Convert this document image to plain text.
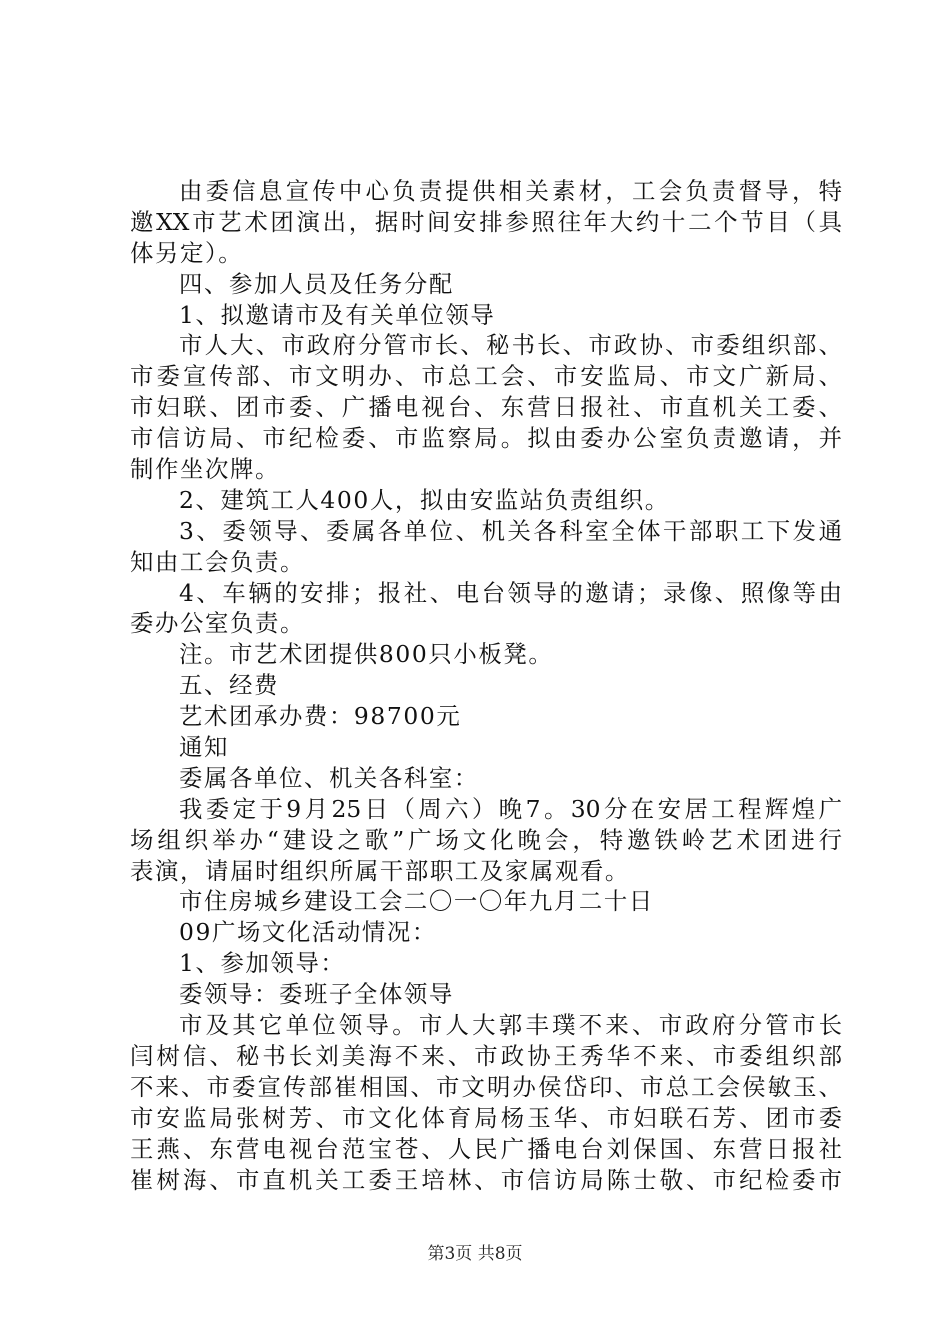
由委信息宣传中心负责提供相关素材，工会负责督导，特
邀XX市艺术团演出，据时间安排参照往年大约十二个节目（具
体另定）。
四、参加人员及任务分配
1、拟邀请市及有关单位领导
市人大、市政府分管市长、秘书长、市政协、市委组织部、
市委宣传部、市文明办、市总工会、市安监局、市文广新局、
市妇联、团市委、广播电视台、东营日报社、市直机关工委、
市信访局、市纪检委、市监察局。拟由委办公室负责邀请，并
制作坐次牌。
2、建筑工人400人，拟由安监站负责组织。
3、委领导、委属各单位、机关各科室全体干部职工下发通
知由工会负责。
4、车辆的安排；报社、电台领导的邀请；录像、照像等由
委办公室负责。
注。市艺术团提供800只小板凳。
五、经费
艺术团承办费：98700元
通知
委属各单位、机关各科室：
我委定于9月25日（周六）晚7。30分在安居工程辉煌广
场组织举办“建设之歌”广场文化晚会，特邀铁岭艺术团进行
表演，请届时组织所属干部职工及家属观看。
市住房城乡建设工会二〇一〇年九月二十日
09广场文化活动情况：
1、参加领导：
委领导：委班子全体领导
市及其它单位领导。市人大郭丰璞不来、市政府分管市长
闫树信、秘书长刘美海不来、市政协王秀华不来、市委组织部
不来、市委宣传部崔相国、市文明办侯岱印、市总工会侯敏玉、
市安监局张树芳、市文化体育局杨玉华、市妇联石芳、团市委
王燕、东营电视台范宝苍、人民广播电台刘保国、东营日报社
崔树海、市直机关工委王培林、市信访局陈士敬、市纪检委市
第3页 共8页
